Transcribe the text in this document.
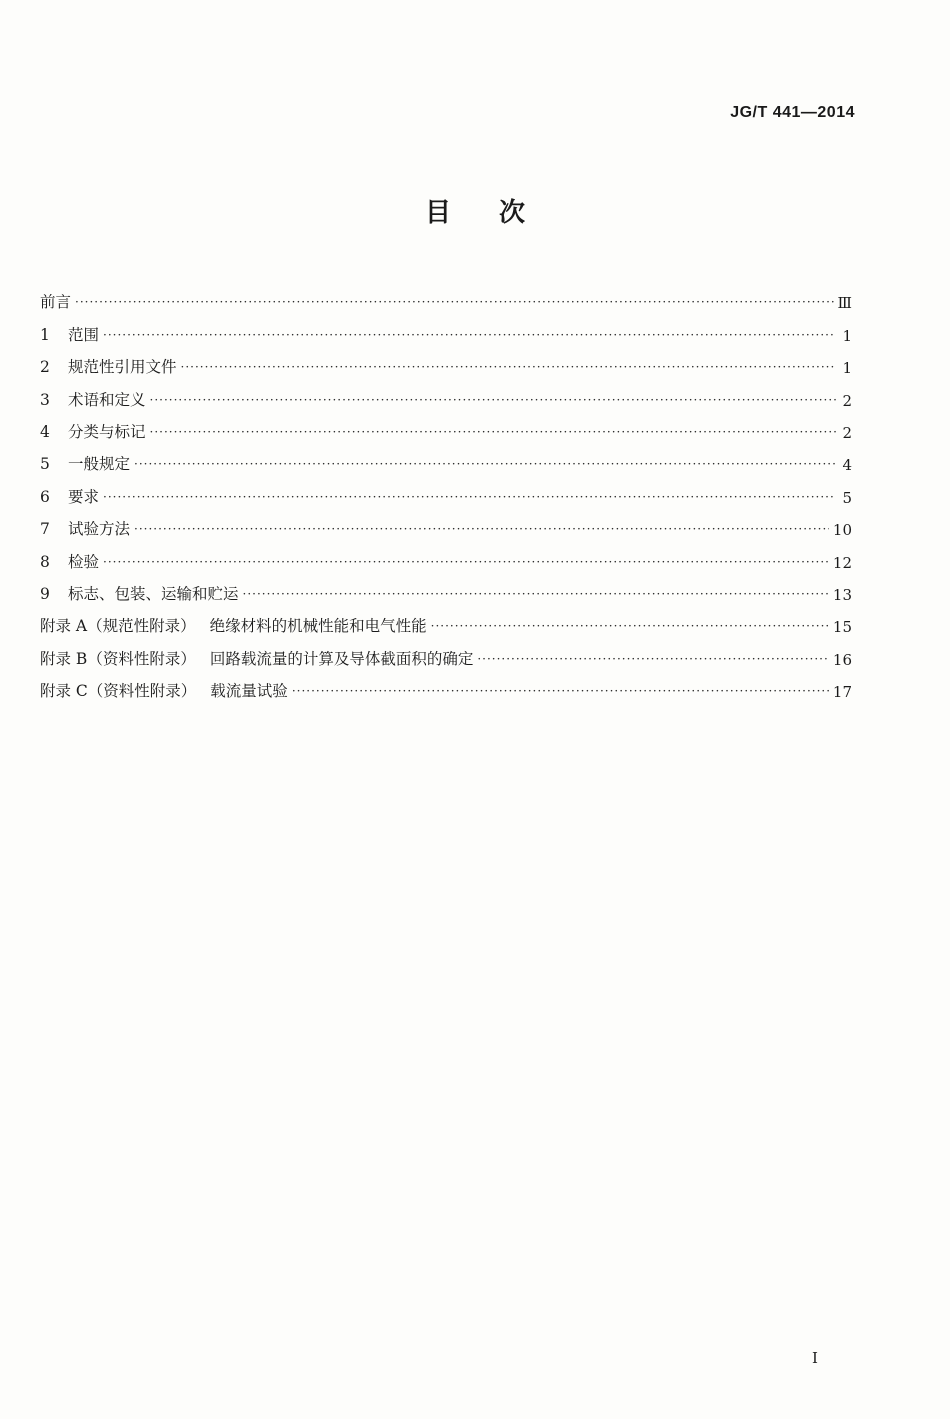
JG/T 441—2014
目 次
前言 ·····	Ⅲ
1 范围 ·····	1
2 规范性引用文件 ·····	1
3 术语和定义 ·····	2
4 分类与标记 ·····	2
5 一般规定 ·····	4
6 要求 ·····	5
7 试验方法 ·····	10
8 检验 ·····	12
9 标志、包装、运输和贮运 ·····	13
附录 A（规范性附录） 绝缘材料的机械性能和电气性能 ·····	15
附录 B（资料性附录） 回路载流量的计算及导体截面积的确定 ·····	16
附录 C（资料性附录） 载流量试验 ·····	17
I
